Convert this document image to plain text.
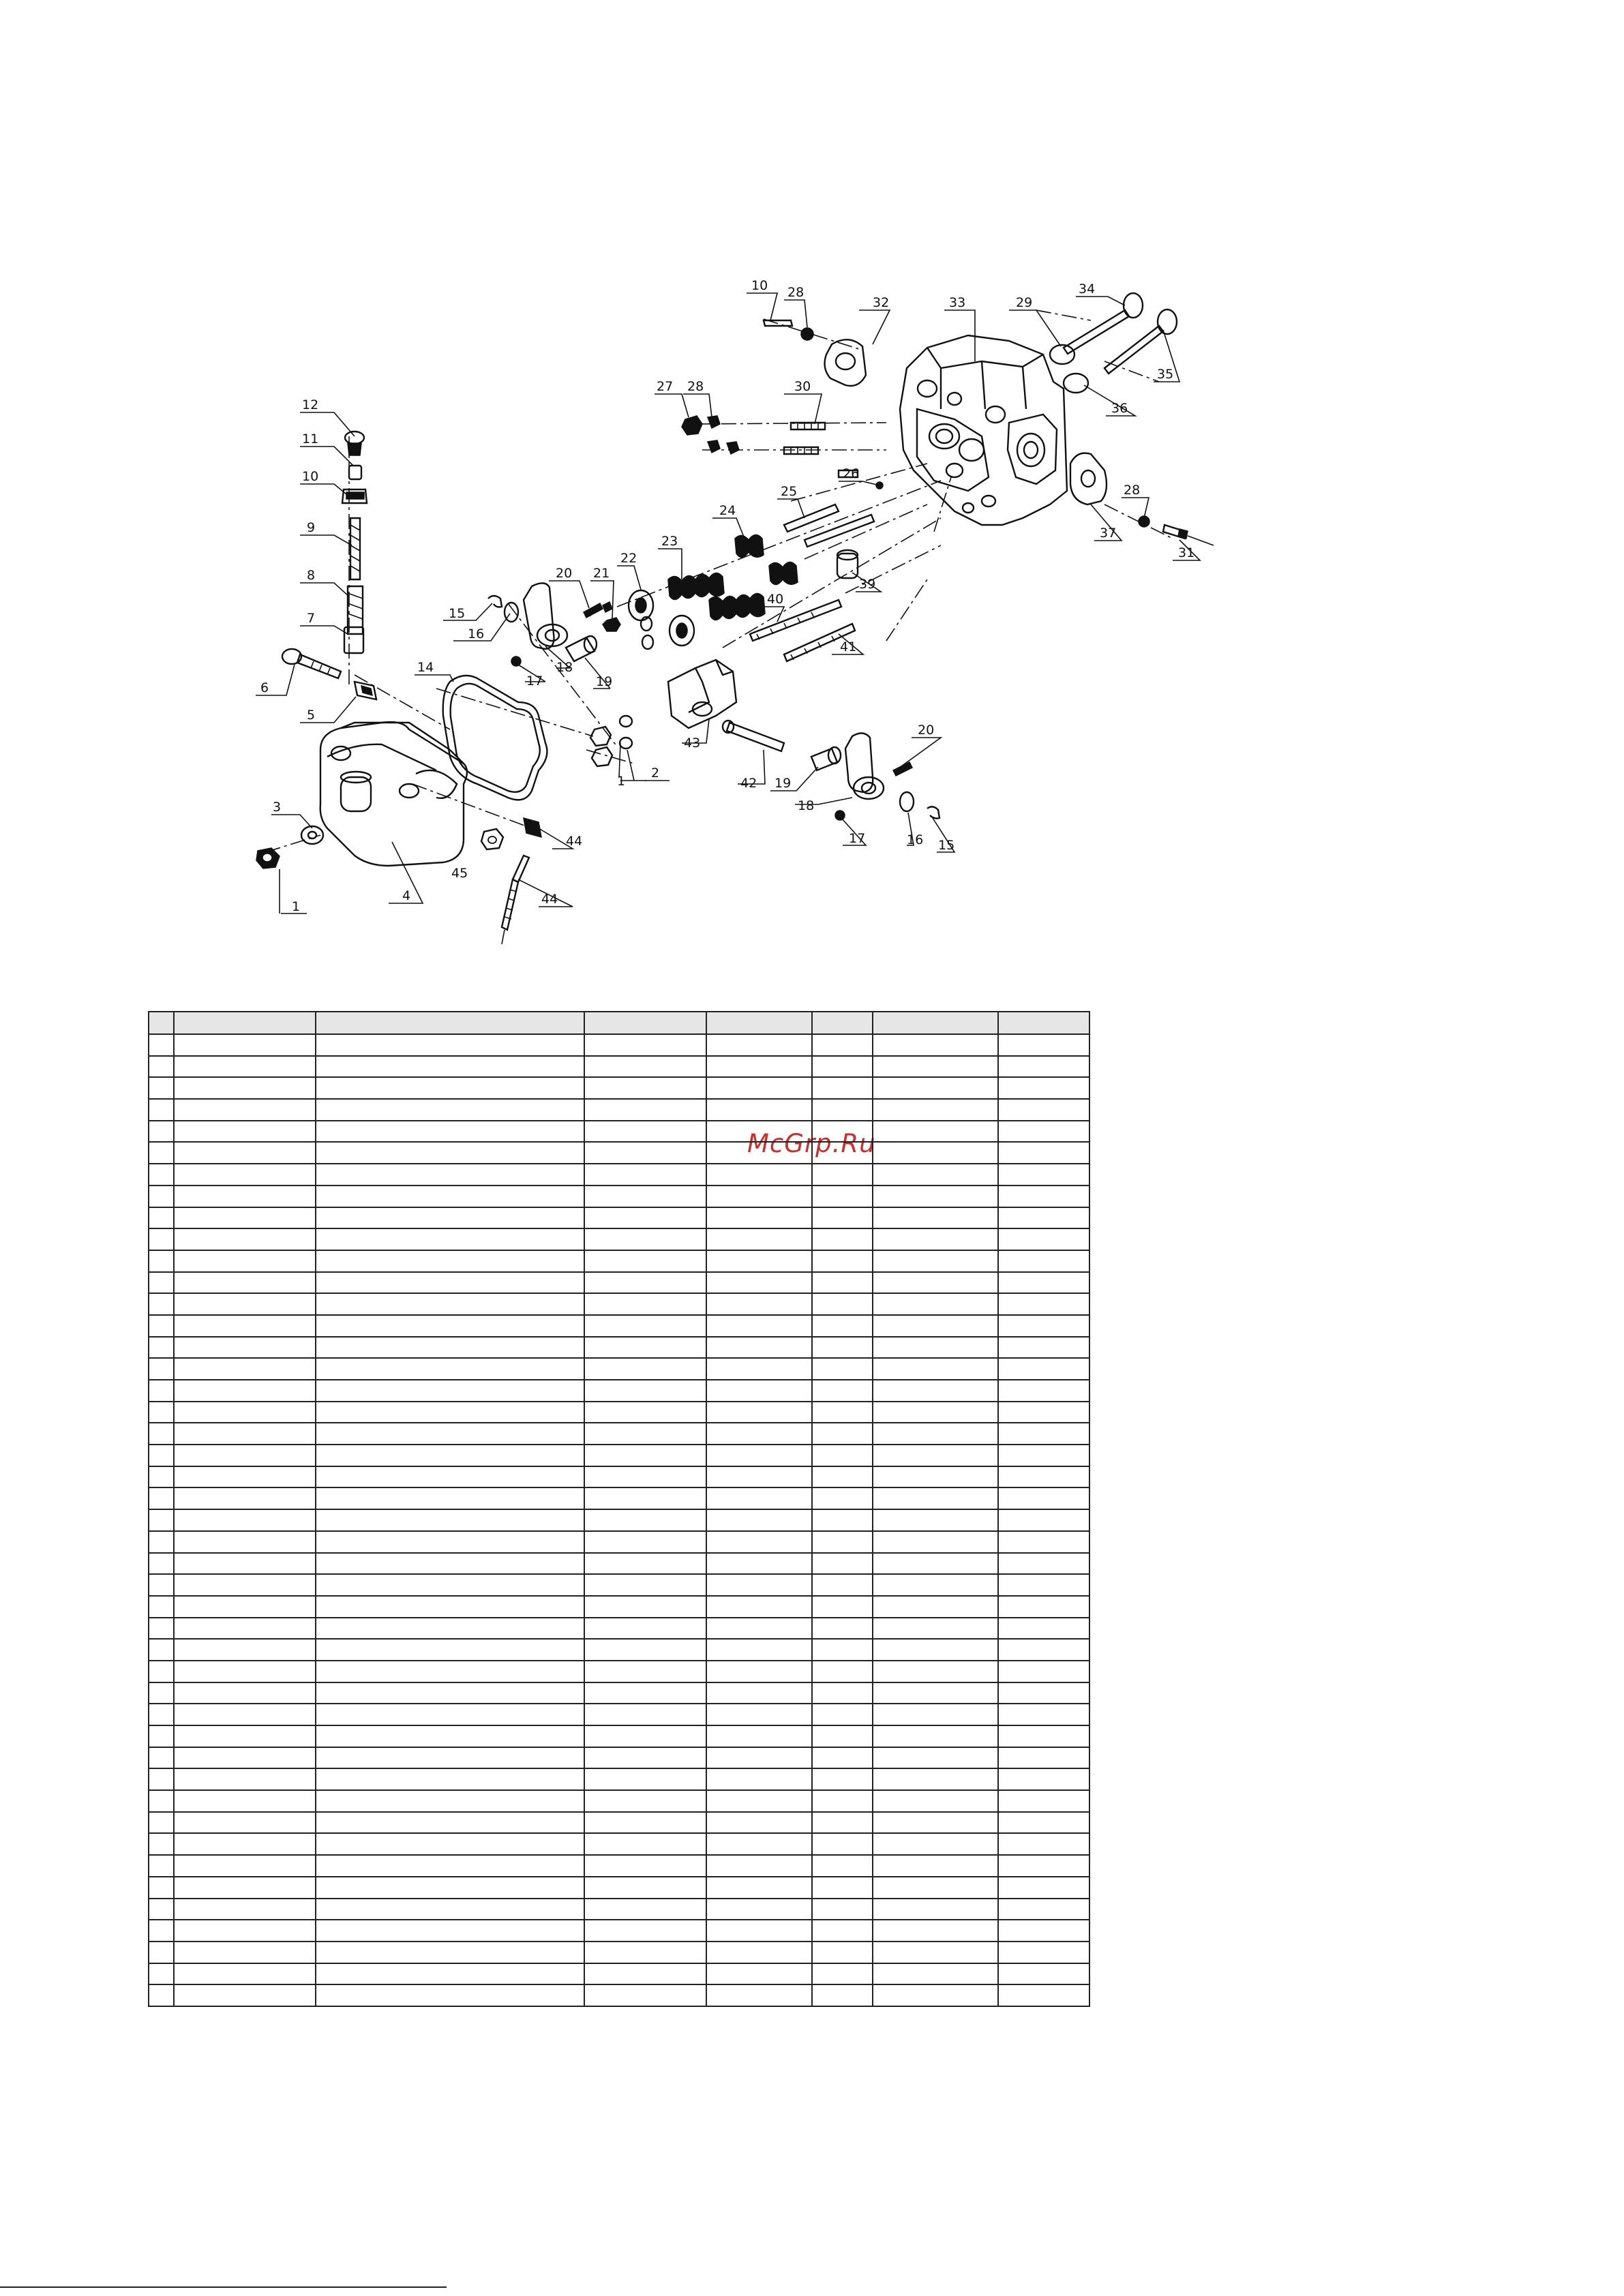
12
11
10
9
8
7
6
5
3
1
4
14
15
16
17
18
19
20 21
22
23
24
25
26
40
41
39
43
42 19
18
17	16 15
20
1
2
45
44
44
10 28
32
27 28	30
33	29
34
35
36
37
28
31
McGrp.Ru
